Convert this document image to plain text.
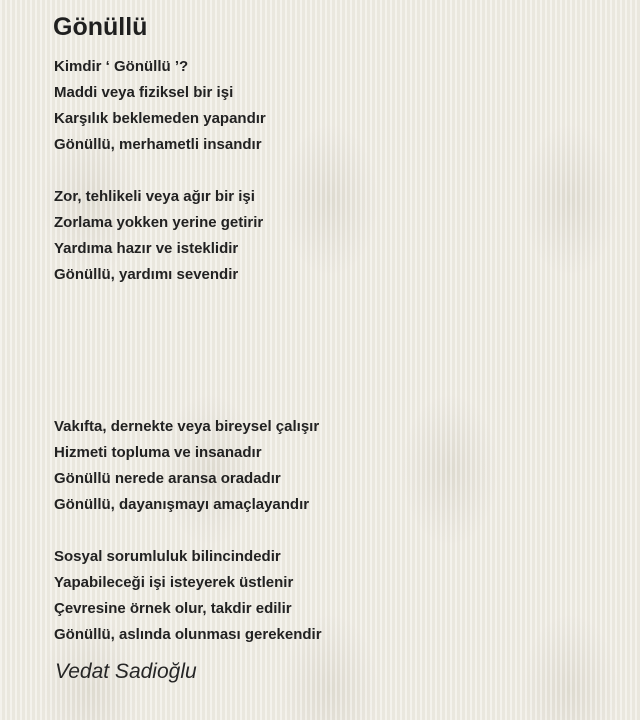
Gönüllü
Kimdir ‘ Gönüllü ’?
Maddi veya fiziksel bir işi
Karşılık beklemeden yapandır
Gönüllü, merhametli insandır
Zor, tehlikeli veya ağır bir işi
Zorlama yokken yerine getirir
Yardıma hazır ve isteklidir
Gönüllü, yardımı sevendir
Vakıfta, dernekte veya bireysel çalışır
Hizmeti topluma ve insanadır
Gönüllü nerede aransa oradadır
Gönüllü, dayanışmayı amaçlayandır
Sosyal sorumluluk bilincindedir
Yapabileceği işi isteyerek üstlenir
Çevresine örnek olur, takdir edilir
Gönüllü, aslında olunması gerekendir

Vedat Sadioğlu
